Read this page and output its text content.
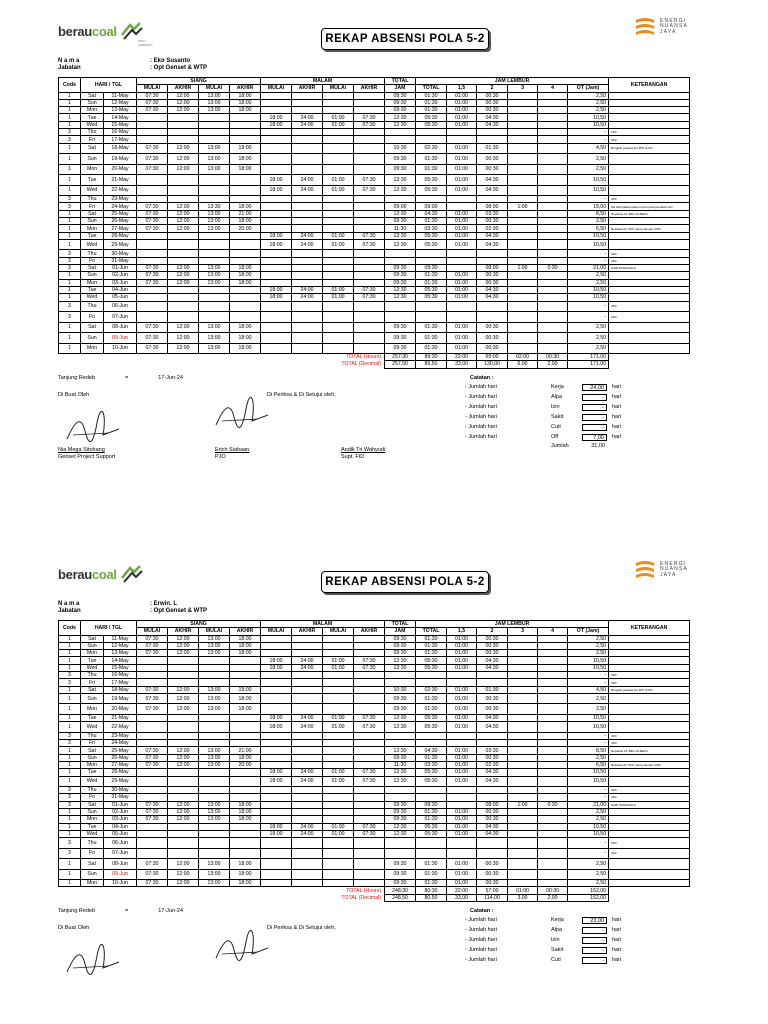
beraucoal
INDO TAMBANG
ENERGI
NUANSA
JAYA
REKAP ABSENSI POLA 5-2
N a m a	: Eko Susanto
Jabatan	: Opt Genset & WTP
Code	HARI / TGL		SIANG				MALAM				TOTAL	JAM LEMBUR						KETERANGAN
			MULAI	AKHIR	MULAI	AKHIR	MULAI	AKHIR	MULAI	AKHIR	JAM	TOTAL	1,5	2	3	4	OT (Jam)	
1	Sat	11-May	07:30	12:00	13:00	18:00					09:30	01:30	01:00	00:30			2,50	
1	Sun	12-May	07:30	12:00	13:00	18:00					09:30	01:30	01:00	00:30			2,50	
1	Mon	13-May	07:30	12:00	13:00	18:00					09:30	01:30	01:00	00:30			2,50	
1	Tue	14-May					18:00	24:00	01:00	07:30	12:30	05:30	01:00	04:30			10,50	
1	Wed	15-May					18:00	24:00	01:00	07:30	12:30	05:30	01:00	04:30			10,50	
3	Thu	16-May															-	OFF
3	Fri	17-May															-	OFF
1	Sat	18-May	07:30	12:00	13:00	19:00					10:30	02:30	01:00	01:30			4,50	Bongkar pasang AC 2PK di HO
1	Sun	19-May	07:30	12:00	13:00	18:00					09:30	01:30	01:00	00:30			2,50	
1	Mon	20-May	07:30	12:00	13:00	18:00					09:30	01:30	01:00	00:30			2,50	
1	Tue	21-May					18:00	24:00	01:00	07:30	12:30	05:30	01:00	04:30			10,50	
1	Wed	22-May					18:00	24:00	01:00	07:30	12:30	05:30	01:00	04:30			10,50	
3	Thu	23-May															-	OFF
3	Fri	24-May	07:30	12:00	13:30	18:00					09:00	09:00		08:00	1:00		19,00	HK Menyalkan kabel control pompa tailam HO
1	Sat	25-May	07:30	12:00	13:00	21:00					12:30	04:30	01:00	03:30			8,50	Reparasi AC Blok 10 BEKU
1	Sun	26-May	07:30	12:00	13:00	18:00					09:30	01:30	01:00	00:30			2,50	
1	Mon	27-May	07:30	12:00	13:00	20:00					11:30	03:30	01:00	02:30			6,50	Relokasi AC 2PK ruang sampler LM3
1	Tue	28-May					18:00	24:00	01:00	07:30	12:30	05:30	01:00	04:30			10,50	
1	Wed	29-May					18:00	24:00	01:00	07:30	12:30	05:30	01:00	04:30			10,50	
3	Thu	30-May															-	OFF
3	Fri	31-May															-	OFF
3	Sat	01-Jun	07:30	12:00	13:00	18:00					09:30	09:30		08:00	1:00	0:30	21,00	HARI PANCASILA
1	Sun	02-Jun	07:30	12:00	13:00	18:00					09:30	01:30	01:00	00:30			2,50	
1	Mon	03-Jun	07:30	12:00	13:00	18:00					09:30	01:30	01:00	00:30			2,50	
1	Tue	04-Jun					18:00	24:00	01:00	07:30	12:30	05:30	01:00	04:30			10,50	
1	Wed	05-Jun					18:00	24:00	01:00	07:30	12:30	05:30	01:00	04:30			10,50	
3	Thu	06-Jun															-	OFF
3	Fri	07-Jun															-	OFF
1	Sat	08-Jun	07:30	12:00	13:00	18:00					09:30	01:30	01:00	00:30			2,50	
1	Sun	09-Jun	07:30	12:00	13:00	18:00					09:30	01:30	01:00	00:30			2,50	
1	Mon	10-Jun	07:30	12:00	13:00	18:00					09:30	01:30	01:00	00:30			2,50	
TOTAL (Hours)											257:30	89:30	22:00	65:00	02:00	00:30	171,00	
TOTAL (Decimal)											257,50	89,50	33,00	130,00	6,00	2,00	171,00	
Tanjung Redeb	=	17-Jun-24
Di Buat Oleh	Di Periksa & Di Setujui oleh,
Nia Mega Sitohang
Genset Project Support
Erich Siahaan
PJO
Andik Tri Wahyudi
Supt. FID
Catatan :
- Jumlah hari	Kerja	24,00	hari
- Jumlah hari	Alpa	-	hari
- Jumlah hari	Izin	-	hari
- Jumlah hari	Sakit	-	hari
- Jumlah hari	Cuti	-	hari
- Jumlah hari	Off	7,00	hari
Jumlah	31,00
beraucoal
ENERGI
NUANSA
JAYA
REKAP ABSENSI POLA 5-2
N a m a	: Erwin. L
Jabatan	: Opt Genset & WTP
Code	HARI / TGL		SIANG				MALAM				TOTAL	JAM LEMBUR						KETERANGAN
			MULAI	AKHIR	MULAI	AKHIR	MULAI	AKHIR	MULAI	AKHIR	JAM	TOTAL	1,5	2	3	4	OT (Jam)	
1	Sat	11-May	07:30	12:00	13:00	18:00					09:30	01:30	01:00	00:30			2,50	
1	Sun	12-May	07:30	12:00	13:00	18:00					09:30	01:30	01:00	00:30			2,50	
1	Mon	13-May	07:30	12:00	13:00	18:00					09:30	01:30	01:00	00:30			2,50	
1	Tue	14-May					18:00	24:00	01:00	07:30	12:30	05:30	01:00	04:30			10,50	
1	Wed	15-May					18:00	24:00	01:00	07:30	12:30	05:30	01:00	04:30			10,50	
3	Thu	16-May															-	OFF
3	Fri	17-May															-	OFF
1	Sat	18-May	07:30	12:00	13:00	19:00					10:30	02:30	01:00	01:30			4,50	Bongkar pasang AC 2PK di HO
1	Sun	19-May	07:30	12:00	13:00	18:00					09:30	01:30	01:00	00:30			2,50	
1	Mon	20-May	07:30	12:00	13:00	18:00					09:30	01:30	01:00	00:30			2,50	
1	Tue	21-May					18:00	24:00	01:00	07:30	12:30	05:30	01:00	04:30			10,50	
1	Wed	22-May					18:00	24:00	01:00	07:30	12:30	05:30	01:00	04:30			10,50	
3	Thu	23-May															-	OFF
3	Fri	24-May															-	OFF
1	Sat	25-May	07:30	12:00	13:00	21:00					12:30	04:30	01:00	03:30			8,50	Reparasi AC Blok 10 BEKU
1	Sun	26-May	07:30	12:00	13:00	18:00					09:30	01:30	01:00	00:30			2,50	
1	Mon	27-May	07:30	12:00	13:00	20:00					11:30	03:30	01:00	02:30			6,50	Relokasi AC 2PK ruang sampler LM3
1	Tue	28-May					18:00	24:00	01:00	07:30	12:30	05:30	01:00	04:30			10,50	
1	Wed	29-May					18:00	24:00	01:00	07:30	12:30	05:30	01:00	04:30			10,50	
3	Thu	30-May															-	OFF
3	Fri	31-May															-	OFF
3	Sat	01-Jun	07:30	12:00	13:00	18:00					09:30	09:30		08:00	1:00	0:30	21,00	HARI PANCASILA
1	Sun	02-Jun	07:30	12:00	13:00	18:00					09:30	01:30	01:00	00:30			2,50	
1	Mon	03-Jun	07:30	12:00	13:00	18:00					09:30	01:30	01:00	00:30			2,50	
1	Tue	04-Jun					18:00	24:00	01:00	07:30	12:30	05:30	01:00	04:30			10,50	
1	Wed	05-Jun					18:00	24:00	01:00	07:30	12:30	05:30	01:00	04:30			10,50	
3	Thu	06-Jun															-	OFF
3	Fri	07-Jun															-	OFF
1	Sat	08-Jun	07:30	12:00	13:00	18:00					09:30	01:30	01:00	00:30			2,50	
1	Sun	09-Jun	07:30	12:00	13:00	18:00					09:30	01:30	01:00	00:30			2,50	
1	Mon	10-Jun	07:30	12:00	13:00	18:00					09:30	01:30	01:00	00:30			2,50	
TOTAL (Hours)											248:30	80:30	22:00	57:00	01:00	00:30	152,00	
TOTAL (Decimal)											248,50	80,50	33,00	114,00	3,00	2,00	152,00	
Tanjung Redeb	=	17-Jun-24
Di Buat Oleh	Di Periksa & Di Setujui oleh,
Catatan :
- Jumlah hari	Kerja	23,00	hari
- Jumlah hari	Alpa	-	hari
- Jumlah hari	Izin	-	hari
- Jumlah hari	Sakit	-	hari
- Jumlah hari	Cuti	-	hari
